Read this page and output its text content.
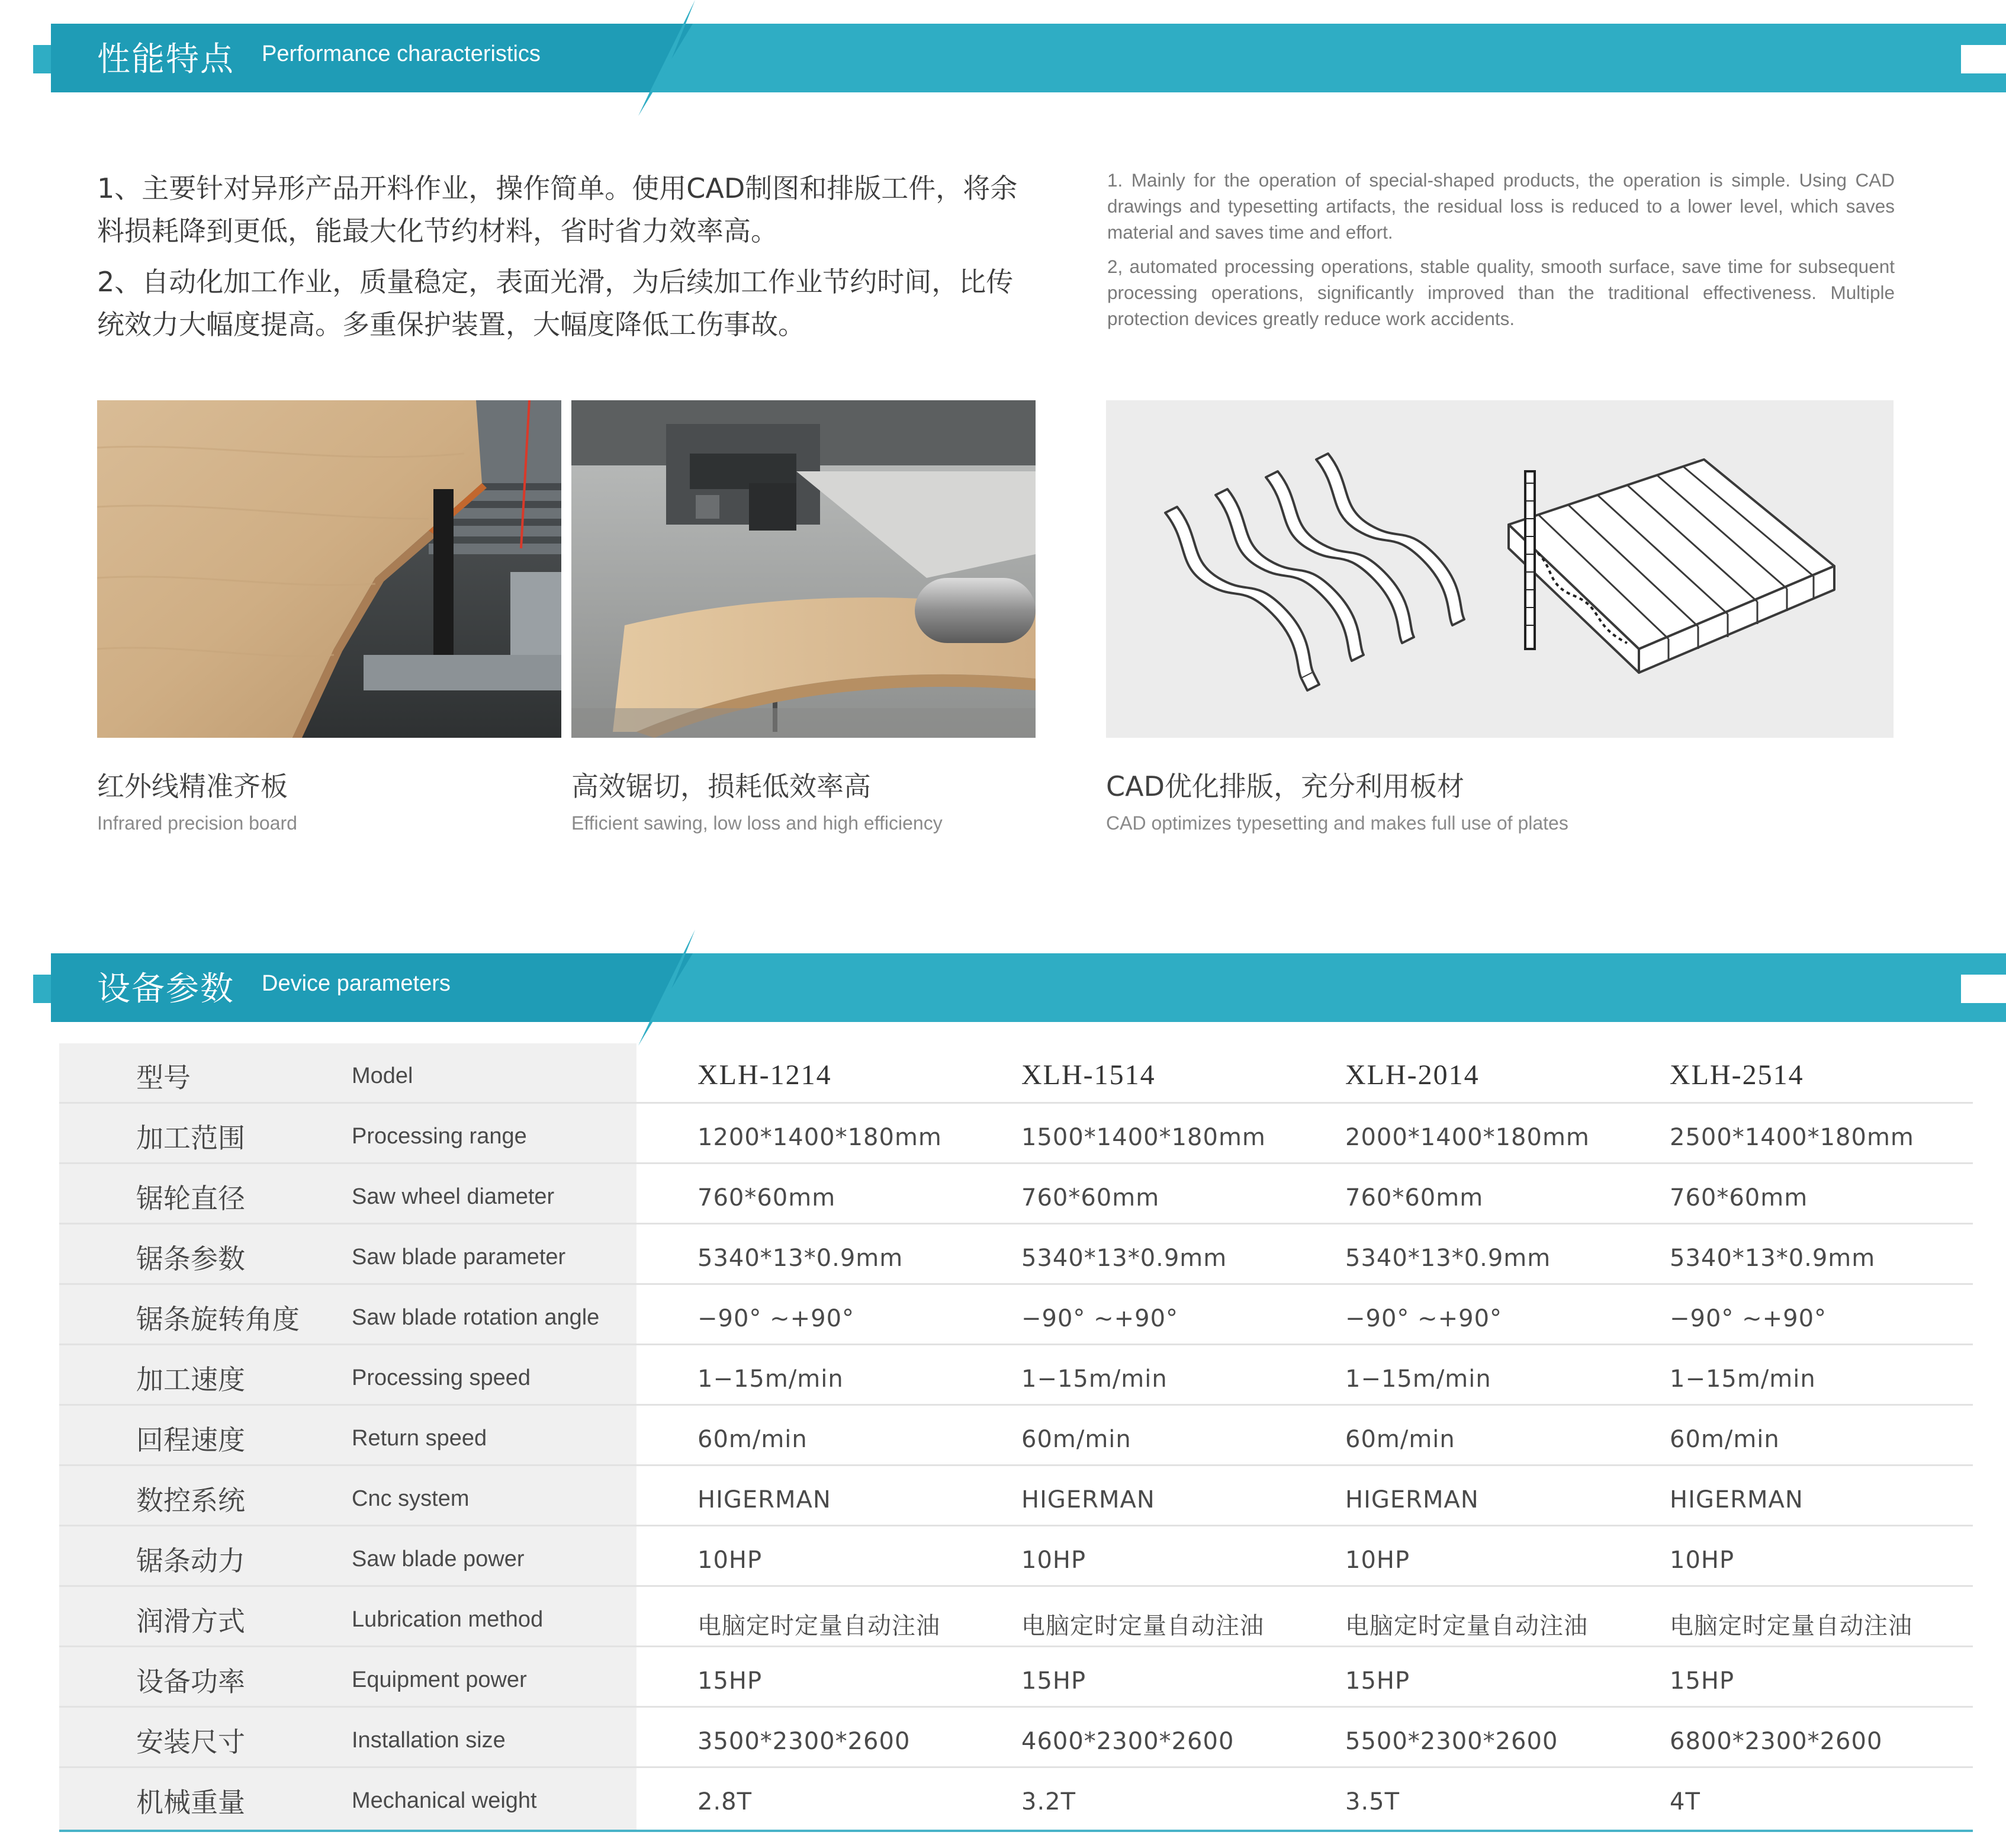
性能特点 Performance characteristics
1、主要针对异形产品开料作业，操作简单。使用CAD制图和排版工件，将余
料损耗降到更低，能最大化节约材料，省时省力效率高。
2、自动化加工作业，质量稳定，表面光滑，为后续加工作业节约时间，比传
统效力大幅度提高。多重保护装置，大幅度降低工伤事故。

1. Mainly for the operation of special-shaped products, the operation is simple. Using CAD drawings and typesetting artifacts, the residual loss is reduced to a lower level, which saves material and saves time and effort.

2, automated processing operations, stable quality, smooth surface, save time for subsequent processing operations, significantly improved than the traditional effectiveness. Multiple protection devices greatly reduce work accidents.

红外线精准齐板
Infrared precision board
高效锯切，损耗低效率高
Efficient sawing, low loss and high efficiency
CAD优化排版，充分利用板材
CAD optimizes typesetting and makes full use of plates
设备参数 Device parameters
型号	Model	XLH-1214	XLH-1514	XLH-2014	XLH-2514
加工范围	Processing range	1200*1400*180mm	1500*1400*180mm	2000*1400*180mm	2500*1400*180mm
锯轮直径	Saw wheel diameter	760*60mm	760*60mm	760*60mm	760*60mm
锯条参数	Saw blade parameter	5340*13*0.9mm	5340*13*0.9mm	5340*13*0.9mm	5340*13*0.9mm
锯条旋转角度 Saw blade rotation angle	−90° ~+90°	−90° ~+90°	−90° ~+90°	−90° ~+90°
加工速度	Processing speed	1−15m/min	1−15m/min	1−15m/min	1−15m/min
回程速度	Return speed	60m/min	60m/min	60m/min	60m/min
数控系统	Cnc system	HIGERMAN	HIGERMAN	HIGERMAN	HIGERMAN
锯条动力	Saw blade power	10HP	10HP	10HP	10HP
润滑方式	Lubrication method	电脑定时定量自动注油	电脑定时定量自动注油	电脑定时定量自动注油	电脑定时定量自动注油
设备功率	Equipment power	15HP	15HP	15HP	15HP
安装尺寸	Installation size	3500*2300*2600	4600*2300*2600	5500*2300*2600	6800*2300*2600
机械重量	Mechanical weight	2.8T	3.2T	3.5T	4T
